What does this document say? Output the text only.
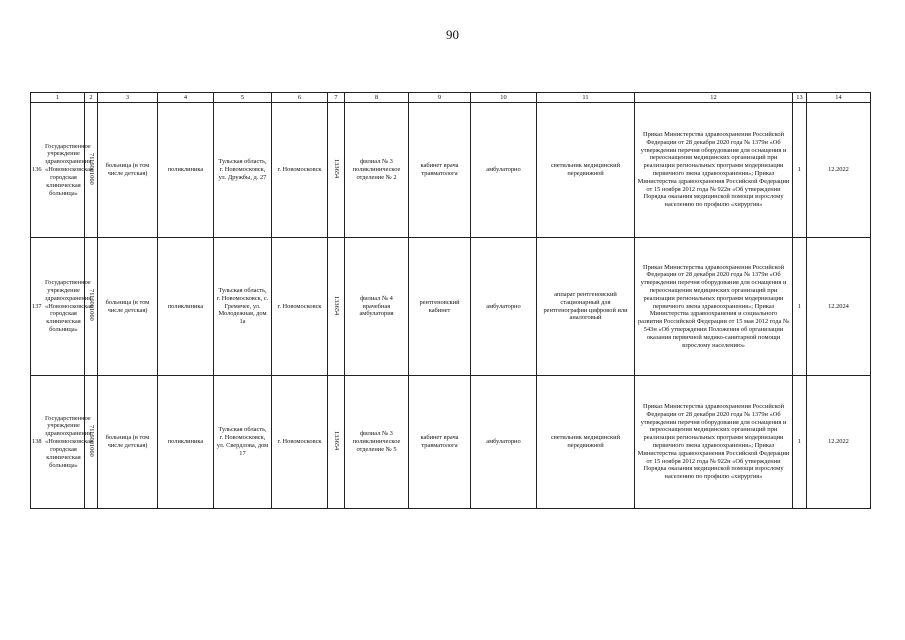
90
1	2	3	4	5	6	7	8	9	10	11	12	13	14

136
Государственное учреждение здравоохранения «Новомосковская городская клиническая больница»	7116001060	больница (в том числе детская)	поликлиника	Тульская область, г. Новомосковск, ул. Дружбы, д. 27	г. Новомосковск	133654	филиал № 3 поликлиническое отделение № 2	кабинет врача травматолога	амбулаторно	светильник медицинский передвижной	Приказ Министерства здравоохранения Российской Федерации от 28 декабря 2020 года № 1379н «Об утверждении перечня оборудования для оснащения и переоснащения медицинских организаций при реализации региональных программ модернизации первичного звена здравоохранения»; Приказ Министерства здравоохранения Российской Федерации от 15 ноября 2012 года № 922н «Об утверждении Порядка оказания медицинской помощи взрослому населению по профилю «хирургия»	1	12.2022

137
Государственное учреждение здравоохранения «Новомосковская городская клиническая больница»	7116001060	больница (в том числе детская)	поликлиника	Тульская область, г. Новомосковск, с. Гремячее, ул. Молодежная, дом 1а	г. Новомосковск	133654	филиал № 4 врачебная амбулатория	рентгеновский кабинет	амбулаторно	аппарат рентгеновский стационарный для рентгенографии цифровой или аналоговый	Приказ Министерства здравоохранения Российской Федерации от 28 декабря 2020 года № 1379н «Об утверждении перечня оборудования для оснащения и переоснащения медицинских организаций при реализации региональных программ модернизации первичного звена здравоохранения»; Приказ Министерства здравоохранения и социального развития Российской Федерации от 15 мая 2012 года № 543н «Об утверждении Положения об организации оказания первичной медико-санитарной помощи взрослому населению»	1	12.2024

138
Государственное учреждение здравоохранения «Новомосковская городская клиническая больница»	7116001060	больница (в том числе детская)	поликлиника	Тульская область, г. Новомосковск, ул. Свердлова, дом 17	г. Новомосковск	133654	филиал № 3 поликлиническое отделение № 5	кабинет врача травматолога	амбулаторно	светильник медицинский передвижной	Приказ Министерства здравоохранения Российской Федерации от 28 декабря 2020 года № 1379н «Об утверждении перечня оборудования для оснащения и переоснащения медицинских организаций при реализации региональных программ модернизации первичного звена здравоохранения»; Приказ Министерства здравоохранения Российской Федерации от 15 ноября 2012 года № 922н «Об утверждении Порядка оказания медицинской помощи взрослому населению по профилю «хирургия»	1	12.2022
